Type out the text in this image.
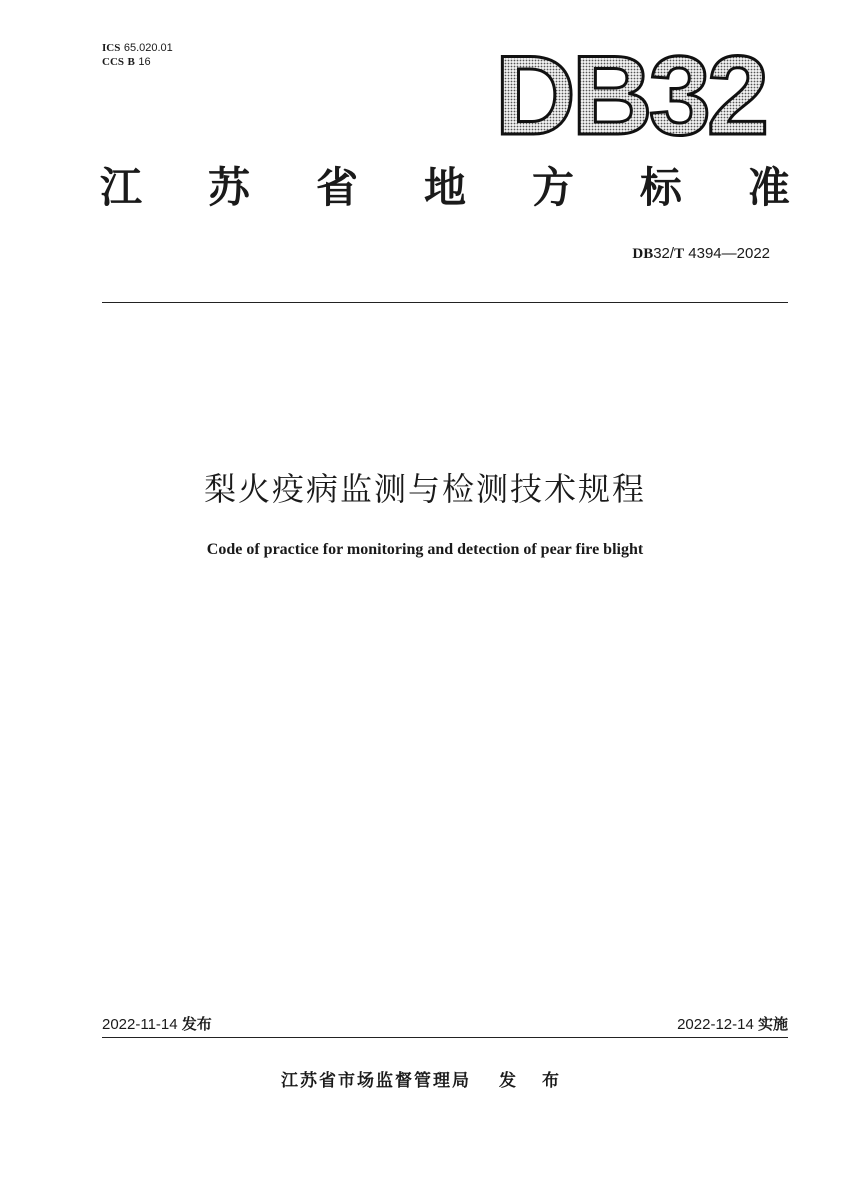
ICS 65.020.01
CCS B 16	DB32
江 苏 省 地 方 标 准
DB32/T 4394—2022
梨火疫病监测与检测技术规程
Code of practice for monitoring and detection of pear fire blight
2022-11-14 发布	2022-12-14 实施
江苏省市场监督管理局 发 布
